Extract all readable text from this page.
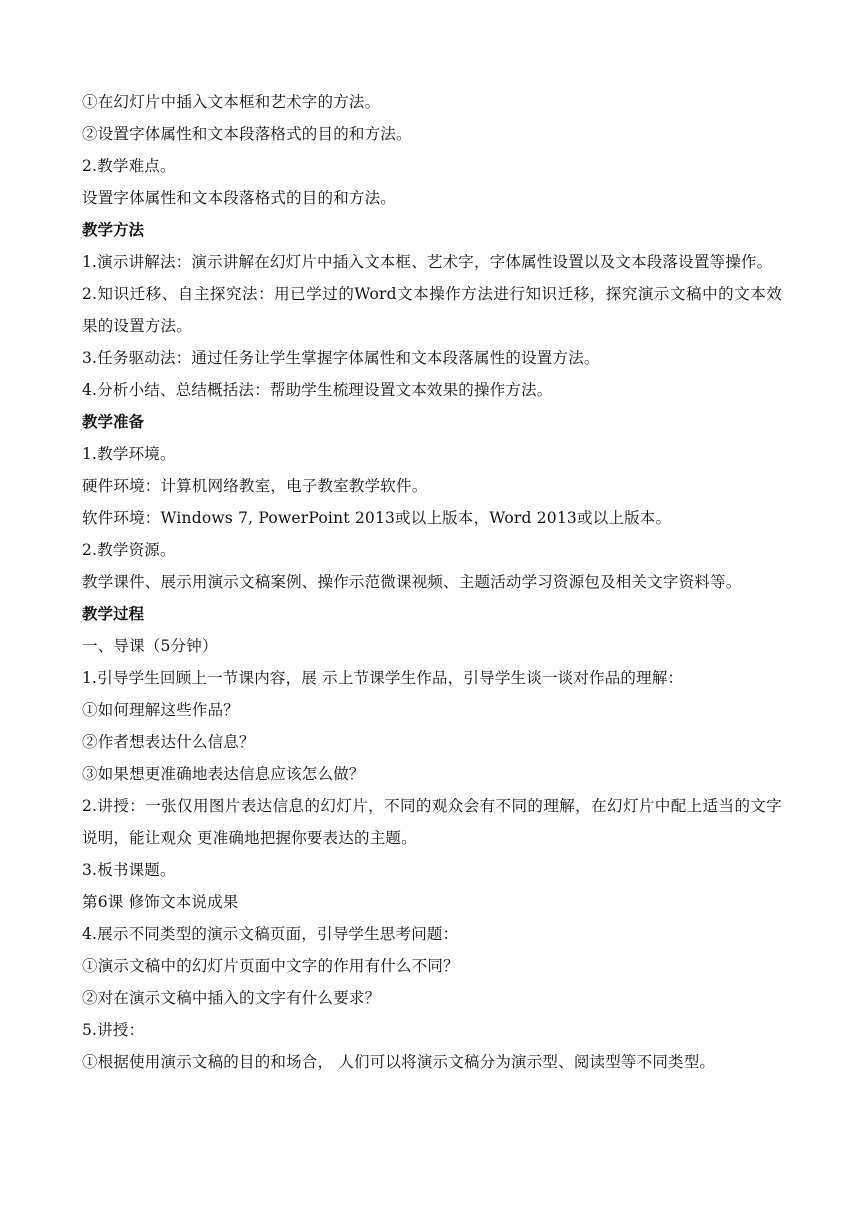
①在幻灯片中插入文本框和艺术字的方法。
②设置字体属性和文本段落格式的目的和方法。
2.教学难点。
设置字体属性和文本段落格式的目的和方法。
教学方法
1.演示讲解法：演示讲解在幻灯片中插入文本框、艺术字，字体属性设置以及文本段落设置等操作。
2.知识迁移、自主探究法：用已学过的Word文本操作方法进行知识迁移，探究演示文稿中的文本效果的设置方法。
3.任务驱动法：通过任务让学生掌握字体属性和文本段落属性的设置方法。
4.分析小结、总结概括法：帮助学生梳理设置文本效果的操作方法。
教学准备
1.教学环境。
硬件环境：计算机网络教室，电子教室教学软件。
软件环境：Windows 7, PowerPoint 2013或以上版本，Word 2013或以上版本。
2.教学资源。
教学课件、展示用演示文稿案例、操作示范微课视频、主题活动学习资源包及相关文字资料等。
教学过程
一、导课（5分钟）
1.引导学生回顾上一节课内容，展 示上节课学生作品，引导学生谈一谈对作品的理解：
①如何理解这些作品？
②作者想表达什么信息？
③如果想更准确地表达信息应该怎么做？
2.讲授：一张仅用图片表达信息的幻灯片，不同的观众会有不同的理解，在幻灯片中配上适当的文字说明，能让观众 更准确地把握你要表达的主题。
3.板书课题。
第6课 修饰文本说成果
4.展示不同类型的演示文稿页面，引导学生思考问题：
①演示文稿中的幻灯片页面中文字的作用有什么不同？
②对在演示文稿中插入的文字有什么要求？
5.讲授：
①根据使用演示文稿的目的和场合， 人们可以将演示文稿分为演示型、阅读型等不同类型。
